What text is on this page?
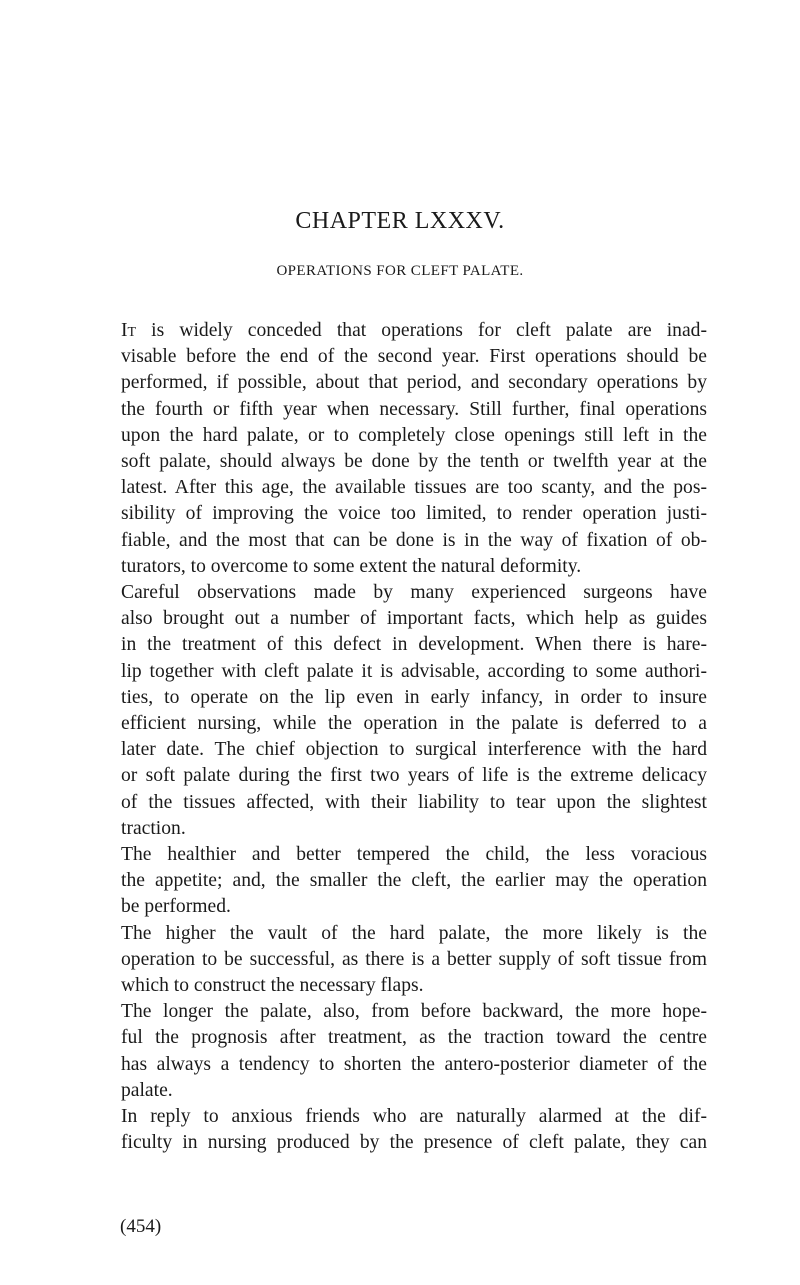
CHAPTER LXXXV.
OPERATIONS FOR CLEFT PALATE.

It is widely conceded that operations for cleft palate are inad-
visable before the end of the second year. First operations should be
performed, if possible, about that period, and secondary operations by
the fourth or fifth year when necessary. Still further, final operations
upon the hard palate, or to completely close openings still left in the
soft palate, should always be done by the tenth or twelfth year at the
latest. After this age, the available tissues are too scanty, and the pos-
sibility of improving the voice too limited, to render operation justi-
fiable, and the most that can be done is in the way of fixation of ob-
turators, to overcome to some extent the natural deformity.

Careful observations made by many experienced surgeons have
also brought out a number of important facts, which help as guides
in the treatment of this defect in development. When there is hare-
lip together with cleft palate it is advisable, according to some authori-
ties, to operate on the lip even in early infancy, in order to insure
efficient nursing, while the operation in the palate is deferred to a
later date. The chief objection to surgical interference with the hard
or soft palate during the first two years of life is the extreme delicacy
of the tissues affected, with their liability to tear upon the slightest
traction.

The healthier and better tempered the child, the less voracious
the appetite; and, the smaller the cleft, the earlier may the operation
be performed.

The higher the vault of the hard palate, the more likely is the
operation to be successful, as there is a better supply of soft tissue from
which to construct the necessary flaps.

The longer the palate, also, from before backward, the more hope-
ful the prognosis after treatment, as the traction toward the centre
has always a tendency to shorten the antero-posterior diameter of the
palate.

In reply to anxious friends who are naturally alarmed at the dif-
ficulty in nursing produced by the presence of cleft palate, they can

(454)
